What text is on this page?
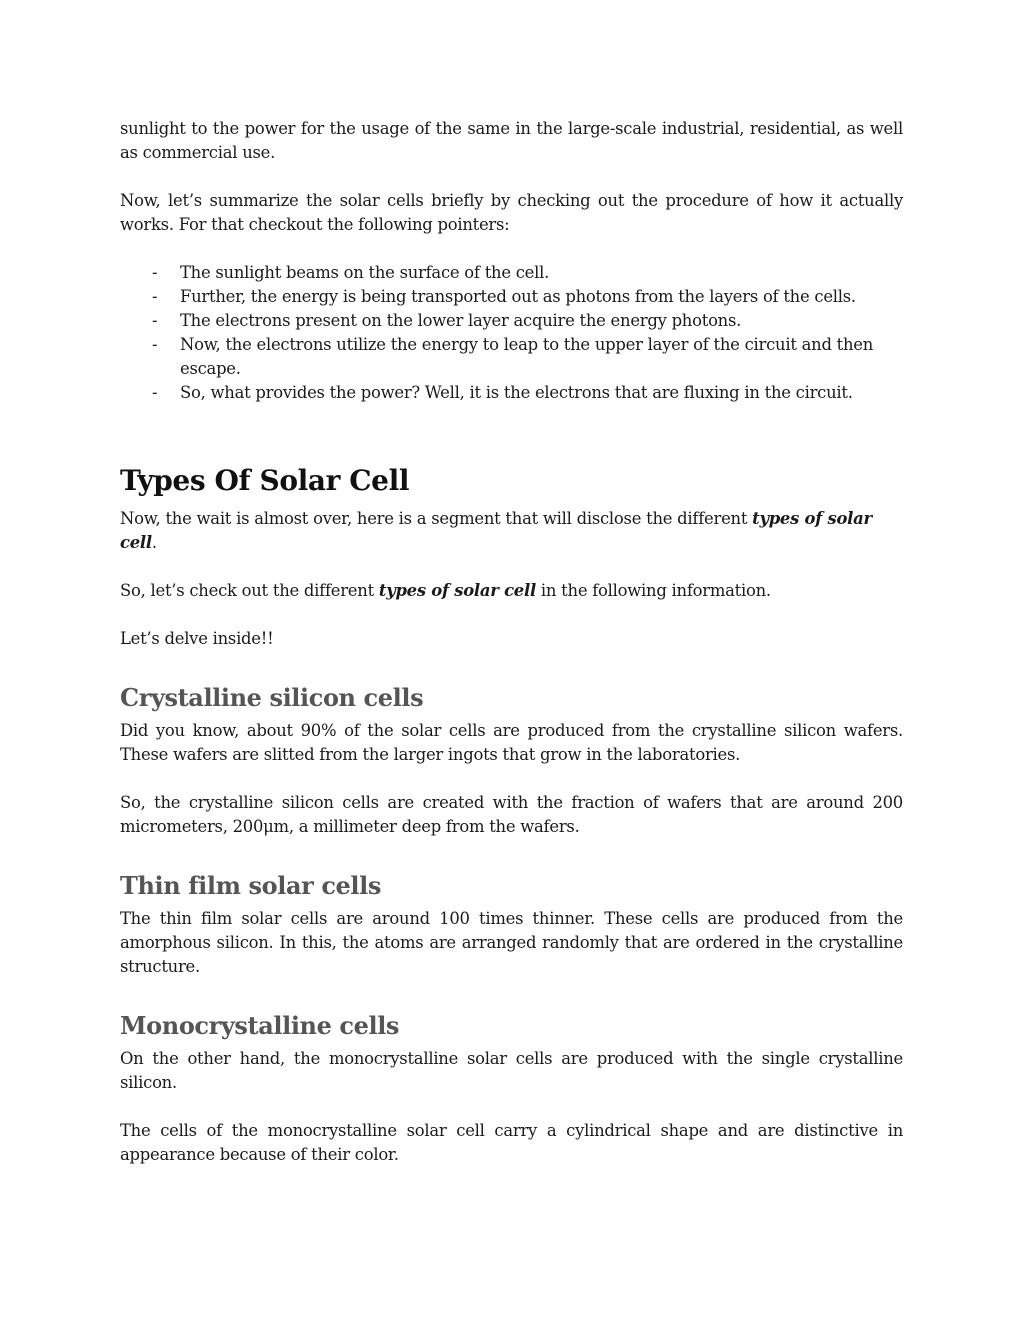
sunlight to the power for the usage of the same in the large-scale industrial, residential, as well as commercial use.

Now, let’s summarize the solar cells briefly by checking out the procedure of how it actually works. For that checkout the following pointers:

- The sunlight beams on the surface of the cell.
- Further, the energy is being transported out as photons from the layers of the cells.
- The electrons present on the lower layer acquire the energy photons.
- Now, the electrons utilize the energy to leap to the upper layer of the circuit and then escape.
- So, what provides the power? Well, it is the electrons that are fluxing in the circuit.
Types Of Solar Cell

Now, the wait is almost over, here is a segment that will disclose the different types of solar cell.

So, let’s check out the different types of solar cell in the following information.

Let’s delve inside!!

Crystalline silicon cells

Did you know, about 90% of the solar cells are produced from the crystalline silicon wafers. These wafers are slitted from the larger ingots that grow in the laboratories.

So, the crystalline silicon cells are created with the fraction of wafers that are around 200 micrometers, 200μm, a millimeter deep from the wafers.

Thin film solar cells

The thin film solar cells are around 100 times thinner. These cells are produced from the amorphous silicon. In this, the atoms are arranged randomly that are ordered in the crystalline structure.

Monocrystalline cells

On the other hand, the monocrystalline solar cells are produced with the single crystalline silicon.

The cells of the monocrystalline solar cell carry a cylindrical shape and are distinctive in appearance because of their color.
